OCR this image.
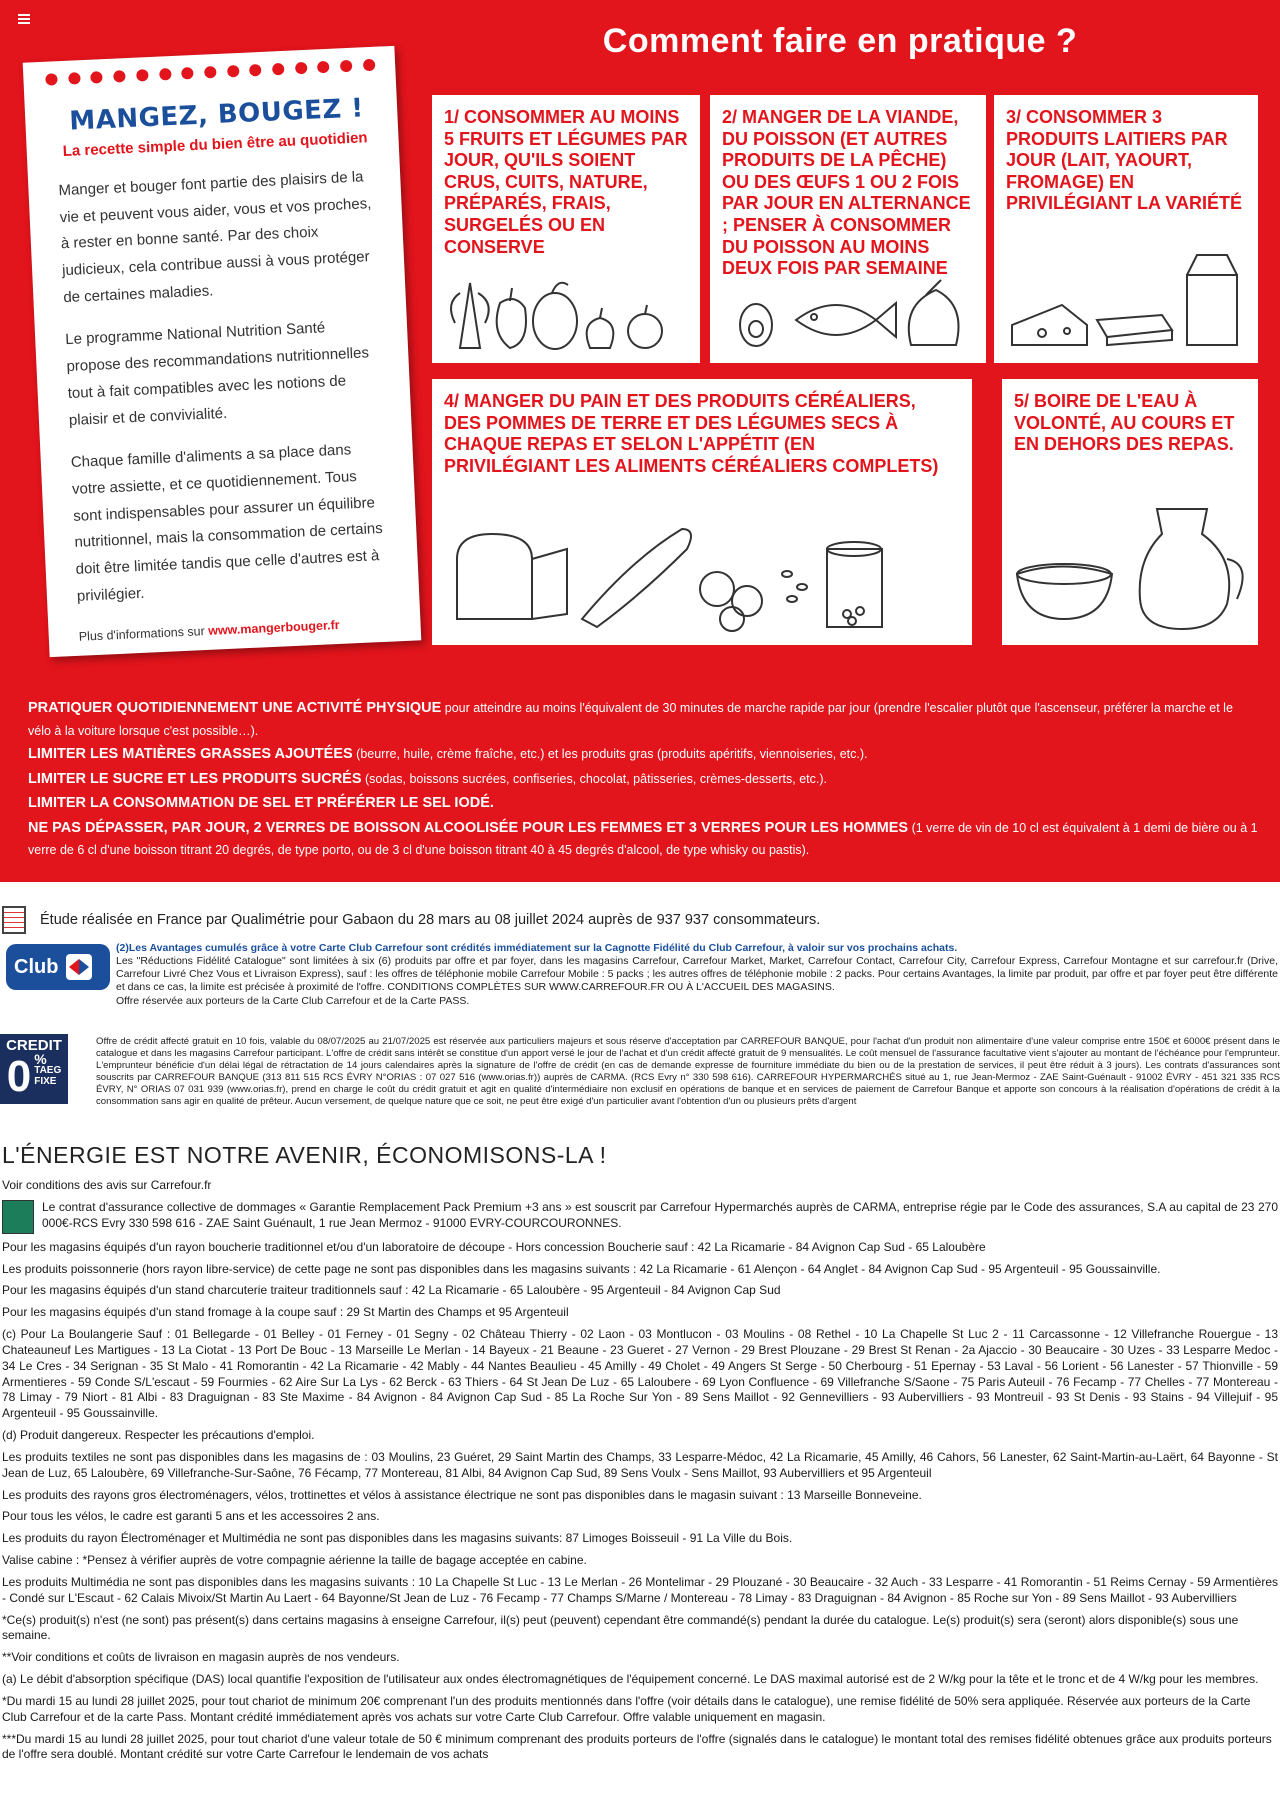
Comment faire en pratique ?
MANGEZ, BOUGEZ !
La recette simple du bien être au quotidien

Manger et bouger font partie des plaisirs de la vie et peuvent vous aider, vous et vos proches, à rester en bonne santé. Par des choix judicieux, cela contribue aussi à vous protéger de certaines maladies.

Le programme National Nutrition Santé propose des recommandations nutritionnelles tout à fait compatibles avec les notions de plaisir et de convivialité.

Chaque famille d'aliments a sa place dans votre assiette, et ce quotidiennement. Tous sont indispensables pour assurer un équilibre nutritionnel, mais la consommation de certains doit être limitée tandis que celle d'autres est à privilégier.

Plus d'informations sur www.mangerbouger.fr
1/ CONSOMMER AU MOINS 5 FRUITS ET LÉGUMES PAR JOUR, QU'ILS SOIENT CRUS, CUITS, NATURE, PRÉPARÉS, FRAIS, SURGELÉS OU EN CONSERVE
2/ MANGER DE LA VIANDE, DU POISSON (ET AUTRES PRODUITS DE LA PÊCHE) OU DES ŒUFS 1 OU 2 FOIS PAR JOUR EN ALTERNANCE ; PENSER À CONSOMMER DU POISSON AU MOINS DEUX FOIS PAR SEMAINE
3/ CONSOMMER 3 PRODUITS LAITIERS PAR JOUR (LAIT, YAOURT, FROMAGE) EN PRIVILÉGIANT LA VARIÉTÉ
4/ MANGER DU PAIN ET DES PRODUITS CÉRÉALIERS, DES POMMES DE TERRE ET DES LÉGUMES SECS À CHAQUE REPAS ET SELON L'APPÉTIT (EN PRIVILÉGIANT LES ALIMENTS CÉRÉALIERS COMPLETS)
5/ BOIRE DE L'EAU À VOLONTÉ, AU COURS ET EN DEHORS DES REPAS.
PRATIQUER QUOTIDIENNEMENT UNE ACTIVITÉ PHYSIQUE pour atteindre au moins l'équivalent de 30 minutes de marche rapide par jour (prendre l'escalier plutôt que l'ascenseur, préférer la marche et le vélo à la voiture lorsque c'est possible…).
LIMITER LES MATIÈRES GRASSES AJOUTÉES (beurre, huile, crème fraîche, etc.) et les produits gras (produits apéritifs, viennoiseries, etc.).
LIMITER LE SUCRE ET LES PRODUITS SUCRÉS (sodas, boissons sucrées, confiseries, chocolat, pâtisseries, crèmes-desserts, etc.).
LIMITER LA CONSOMMATION DE SEL ET PRÉFÉRER LE SEL IODÉ.
NE PAS DÉPASSER, PAR JOUR, 2 VERRES DE BOISSON ALCOOLISÉE POUR LES FEMMES ET 3 VERRES POUR LES HOMMES (1 verre de vin de 10 cl est équivalent à 1 demi de bière ou à 1 verre de 6 cl d'une boisson titrant 20 degrés, de type porto, ou de 3 cl d'une boisson titrant 40 à 45 degrés d'alcool, de type whisky ou pastis).
Étude réalisée en France par Qualimétrie pour Gabaon du 28 mars au 08 juillet 2024 auprès de 937 937 consommateurs.
Club
(2)Les Avantages cumulés grâce à votre Carte Club Carrefour sont crédités immédiatement sur la Cagnotte Fidélité du Club Carrefour, à valoir sur vos prochains achats.
Les "Réductions Fidélité Catalogue" sont limitées à six (6) produits par offre et par foyer, dans les magasins Carrefour, Carrefour Market, Market, Carrefour Contact, Carrefour City, Carrefour Express, Carrefour Montagne et sur carrefour.fr (Drive, Carrefour Livré Chez Vous et Livraison Express), sauf : les offres de téléphonie mobile Carrefour Mobile : 5 packs ; les autres offres de téléphonie mobile : 2 packs. Pour certains Avantages, la limite par produit, par offre et par foyer peut être différente et dans ce cas, la limite est précisée à proximité de l'offre. CONDITIONS COMPLÈTES SUR WWW.CARREFOUR.FR OU À L'ACCUEIL DES MAGASINS.
Offre réservée aux porteurs de la Carte Club Carrefour et de la Carte PASS.
CREDIT
0 %
TAEG
FIXE
Offre de crédit affecté gratuit en 10 fois, valable du 08/07/2025 au 21/07/2025 est réservée aux particuliers majeurs et sous réserve d'acceptation par CARREFOUR BANQUE, pour l'achat d'un produit non alimentaire d'une valeur comprise entre 150€ et 6000€ présent dans le catalogue et dans les magasins Carrefour participant. L'offre de crédit sans intérêt se constitue d'un apport versé le jour de l'achat et d'un crédit affecté gratuit de 9 mensualités. Le coût mensuel de l'assurance facultative vient s'ajouter au montant de l'échéance pour l'emprunteur. L'emprunteur bénéficie d'un délai légal de rétractation de 14 jours calendaires après la signature de l'offre de crédit (en cas de demande expresse de fourniture immédiate du bien ou de la prestation de services, il peut être réduit à 3 jours). Les contrats d'assurances sont souscrits par CARREFOUR BANQUE (313 811 515 RCS ÉVRY N°ORIAS : 07 027 516 (www.orias.fr)) auprès de CARMA. (RCS Evry n° 330 598 616). CARREFOUR HYPERMARCHÉS situé au 1, rue Jean-Mermoz - ZAE Saint-Guénault - 91002 ÉVRY - 451 321 335 RCS ÉVRY, N° ORIAS 07 031 939 (www.orias.fr), prend en charge le coût du crédit gratuit et agit en qualité d'intermédiaire non exclusif en opérations de banque et en services de paiement de Carrefour Banque et apporte son concours à la réalisation d'opérations de crédit à la consommation sans agir en qualité de prêteur. Aucun versement, de quelque nature que ce soit, ne peut être exigé d'un particulier avant l'obtention d'un ou plusieurs prêts d'argent
L'ÉNERGIE EST NOTRE AVENIR, ÉCONOMISONS-LA !

Voir conditions des avis sur Carrefour.fr

Le contrat d'assurance collective de dommages « Garantie Remplacement Pack Premium +3 ans » est souscrit par Carrefour Hypermarchés auprès de CARMA, entreprise régie par le Code des assurances, S.A au capital de 23 270 000€-RCS Evry 330 598 616 - ZAE Saint Guénault, 1 rue Jean Mermoz - 91000 EVRY-COURCOURONNES.

Pour les magasins équipés d'un rayon boucherie traditionnel et/ou d'un laboratoire de découpe - Hors concession Boucherie sauf : 42 La Ricamarie - 84 Avignon Cap Sud - 65 Laloubère

Les produits poissonnerie (hors rayon libre-service) de cette page ne sont pas disponibles dans les magasins suivants : 42 La Ricamarie - 61 Alençon - 64 Anglet - 84 Avignon Cap Sud - 95 Argenteuil - 95 Goussainville.

Pour les magasins équipés d'un stand charcuterie traiteur traditionnels sauf : 42 La Ricamarie - 65 Laloubère - 95 Argenteuil - 84 Avignon Cap Sud

Pour les magasins équipés d'un stand fromage à la coupe sauf : 29 St Martin des Champs et 95 Argenteuil

(c) Pour La Boulangerie Sauf : 01 Bellegarde - 01 Belley - 01 Ferney - 01 Segny - 02 Château Thierry - 02 Laon - 03 Montlucon - 03 Moulins - 08 Rethel - 10 La Chapelle St Luc 2 - 11 Carcassonne - 12 Villefranche Rouergue - 13 Chateauneuf Les Martigues - 13 La Ciotat - 13 Port De Bouc - 13 Marseille Le Merlan - 14 Bayeux - 21 Beaune - 23 Gueret - 27 Vernon - 29 Brest Plouzane - 29 Brest St Renan - 2a Ajaccio - 30 Beaucaire - 30 Uzes - 33 Lesparre Medoc - 34 Le Cres - 34 Serignan - 35 St Malo - 41 Romorantin - 42 La Ricamarie - 42 Mably - 44 Nantes Beaulieu - 45 Amilly - 49 Cholet - 49 Angers St Serge - 50 Cherbourg - 51 Epernay - 53 Laval - 56 Lorient - 56 Lanester - 57 Thionville - 59 Armentieres - 59 Conde S/L'escaut - 59 Fourmies - 62 Aire Sur La Lys - 62 Berck - 63 Thiers - 64 St Jean De Luz - 65 Laloubere - 69 Lyon Confluence - 69 Villefranche S/Saone - 75 Paris Auteuil - 76 Fecamp - 77 Chelles - 77 Montereau - 78 Limay - 79 Niort - 81 Albi - 83 Draguignan - 83 Ste Maxime - 84 Avignon - 84 Avignon Cap Sud - 85 La Roche Sur Yon - 89 Sens Maillot - 92 Gennevilliers - 93 Aubervilliers - 93 Montreuil - 93 St Denis - 93 Stains - 94 Villejuif - 95 Argenteuil - 95 Goussainville.

(d) Produit dangereux. Respecter les précautions d'emploi.

Les produits textiles ne sont pas disponibles dans les magasins de : 03 Moulins, 23 Guéret, 29 Saint Martin des Champs, 33 Lesparre-Médoc, 42 La Ricamarie, 45 Amilly, 46 Cahors, 56 Lanester, 62 Saint-Martin-au-Laërt, 64 Bayonne - St Jean de Luz, 65 Laloubère, 69 Villefranche-Sur-Saône, 76 Fécamp, 77 Montereau, 81 Albi, 84 Avignon Cap Sud, 89 Sens Voulx - Sens Maillot, 93 Aubervilliers et 95 Argenteuil

Les produits des rayons gros électroménagers, vélos, trottinettes et vélos à assistance électrique ne sont pas disponibles dans le magasin suivant : 13 Marseille Bonneveine.

Pour tous les vélos, le cadre est garanti 5 ans et les accessoires 2 ans.

Les produits du rayon Électroménager et Multimédia ne sont pas disponibles dans les magasins suivants: 87 Limoges Boisseuil - 91 La Ville du Bois.

Valise cabine : *Pensez à vérifier auprès de votre compagnie aérienne la taille de bagage acceptée en cabine.

Les produits Multimédia ne sont pas disponibles dans les magasins suivants : 10 La Chapelle St Luc - 13 Le Merlan - 26 Montelimar - 29 Plouzané - 30 Beaucaire - 32 Auch - 33 Lesparre - 41 Romorantin - 51 Reims Cernay - 59 Armentières - Condé sur L'Escaut - 62 Calais Mivoix/St Martin Au Laert - 64 Bayonne/St Jean de Luz - 76 Fecamp - 77 Champs S/Marne / Montereau - 78 Limay - 83 Draguignan - 84 Avignon - 85 Roche sur Yon - 89 Sens Maillot - 93 Aubervilliers

*Ce(s) produit(s) n'est (ne sont) pas présent(s) dans certains magasins à enseigne Carrefour, il(s) peut (peuvent) cependant être commandé(s) pendant la durée du catalogue. Le(s) produit(s) sera (seront) alors disponible(s) sous une semaine.

**Voir conditions et coûts de livraison en magasin auprès de nos vendeurs.

(a) Le débit d'absorption spécifique (DAS) local quantifie l'exposition de l'utilisateur aux ondes électromagnétiques de l'équipement concerné. Le DAS maximal autorisé est de 2 W/kg pour la tête et le tronc et de 4 W/kg pour les membres.

*Du mardi 15 au lundi 28 juillet 2025, pour tout chariot de minimum 20€ comprenant l'un des produits mentionnés dans l'offre (voir détails dans le catalogue), une remise fidélité de 50% sera appliquée. Réservée aux porteurs de la Carte Club Carrefour et de la carte Pass. Montant crédité immédiatement après vos achats sur votre Carte Club Carrefour. Offre valable uniquement en magasin.

***Du mardi 15 au lundi 28 juillet 2025, pour tout chariot d'une valeur totale de 50 € minimum comprenant des produits porteurs de l'offre (signalés dans le catalogue) le montant total des remises fidélité obtenues grâce aux produits porteurs de l'offre sera doublé. Montant crédité sur votre Carte Carrefour le lendemain de vos achats
